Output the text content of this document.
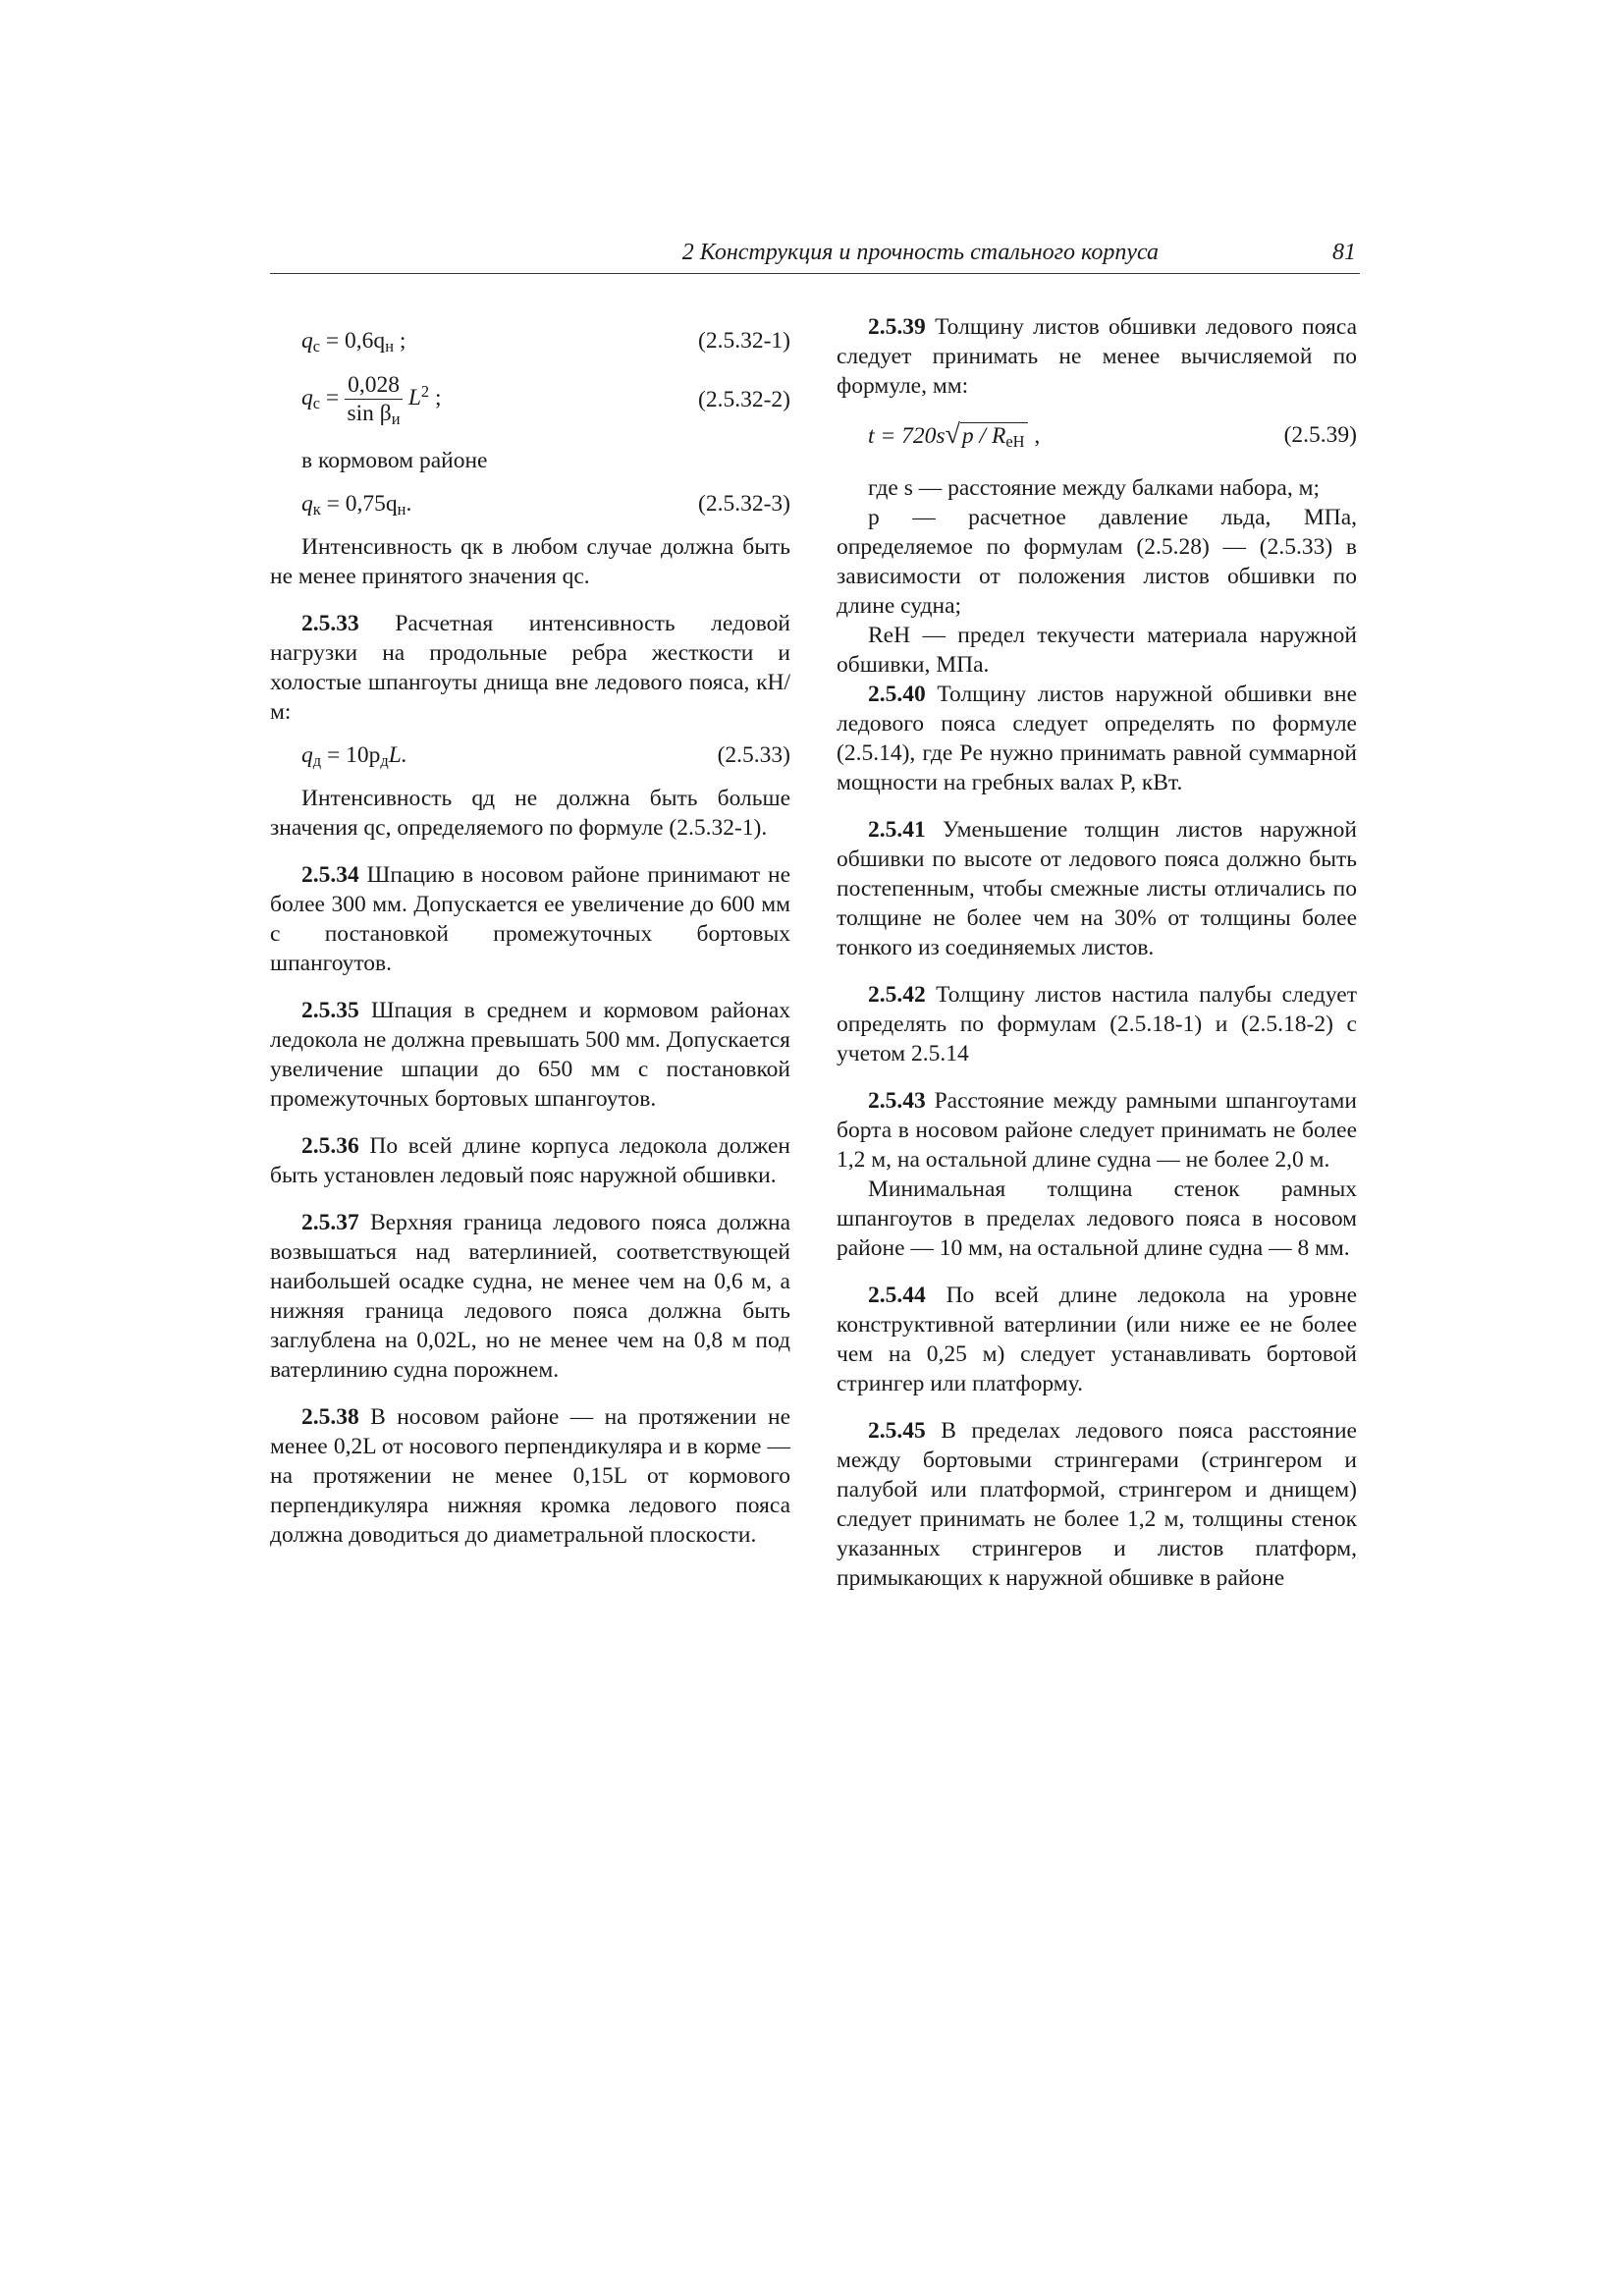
2 Конструкция и прочность стального корпуса	81
$q_с = 0,6q_н$ ;	(2.5.32-1)
$q_с = \frac{0,028}{\sin \beta_и} L^2$ ;	(2.5.32-2)

в кормовом районе

$q_к = 0,75q_н$.	(2.5.32-3)

Интенсивность qк в любом случае должна быть не менее принятого значения qс.

2.5.33 Расчетная интенсивность ледовой нагрузки на продольные ребра жесткости и холостые шпангоуты днища вне ледового пояса, кН/м:

$q_д = 10p_дL$.	(2.5.33)

Интенсивность qд не должна быть больше значения qс, определяемого по формуле (2.5.32-1).

2.5.34 Шпацию в носовом районе принимают не более 300 мм. Допускается ее увеличение до 600 мм с постановкой промежуточных бортовых шпангоутов.

2.5.35 Шпация в среднем и кормовом районах ледокола не должна превышать 500 мм. Допускается увеличение шпации до 650 мм с постановкой промежуточных бортовых шпангоутов.

2.5.36 По всей длине корпуса ледокола должен быть установлен ледовый пояс наружной обшивки.

2.5.37 Верхняя граница ледового пояса должна возвышаться над ватерлинией, соответствующей наибольшей осадке судна, не менее чем на 0,6 м, а нижняя граница ледового пояса должна быть заглублена на 0,02L, но не менее чем на 0,8 м под ватерлинию судна порожнем.

2.5.38 В носовом районе — на протяжении не менее 0,2L от носового перпендикуляра и в корме — на протяжении не менее 0,15L от кормового перпендикуляра нижняя кромка ледового пояса должна доводиться до диаметральной плоскости.

2.5.39 Толщину листов обшивки ледового пояса следует принимать не менее вычисляемой по формуле, мм:

$t = 720s√p / R_{eH}$ ,	(2.5.39)

где s — расстояние между балками набора, м;

p — расчетное давление льда, МПа, определяемое по формулам (2.5.28) — (2.5.33) в зависимости от положения листов обшивки по длине судна;

ReH — предел текучести материала наружной обшивки, МПа.

2.5.40 Толщину листов наружной обшивки вне ледового пояса следует определять по формуле (2.5.14), где Pe нужно принимать равной суммарной мощности на гребных валах P, кВт.

2.5.41 Уменьшение толщин листов наружной обшивки по высоте от ледового пояса должно быть постепенным, чтобы смежные листы отличались по толщине не более чем на 30% от толщины более тонкого из соединяемых листов.

2.5.42 Толщину листов настила палубы следует определять по формулам (2.5.18-1) и (2.5.18-2) с учетом 2.5.14

2.5.43 Расстояние между рамными шпангоутами борта в носовом районе следует принимать не более 1,2 м, на остальной длине судна — не более 2,0 м.

Минимальная толщина стенок рамных шпангоутов в пределах ледового пояса в носовом районе — 10 мм, на остальной длине судна — 8 мм.

2.5.44 По всей длине ледокола на уровне конструктивной ватерлинии (или ниже ее не более чем на 0,25 м) следует устанавливать бортовой стрингер или платформу.

2.5.45 В пределах ледового пояса расстояние между бортовыми стрингерами (стрингером и палубой или платформой, стрингером и днищем) следует принимать не более 1,2 м, толщины стенок указанных стрингеров и листов платформ, примыкающих к наружной обшивке в районе
